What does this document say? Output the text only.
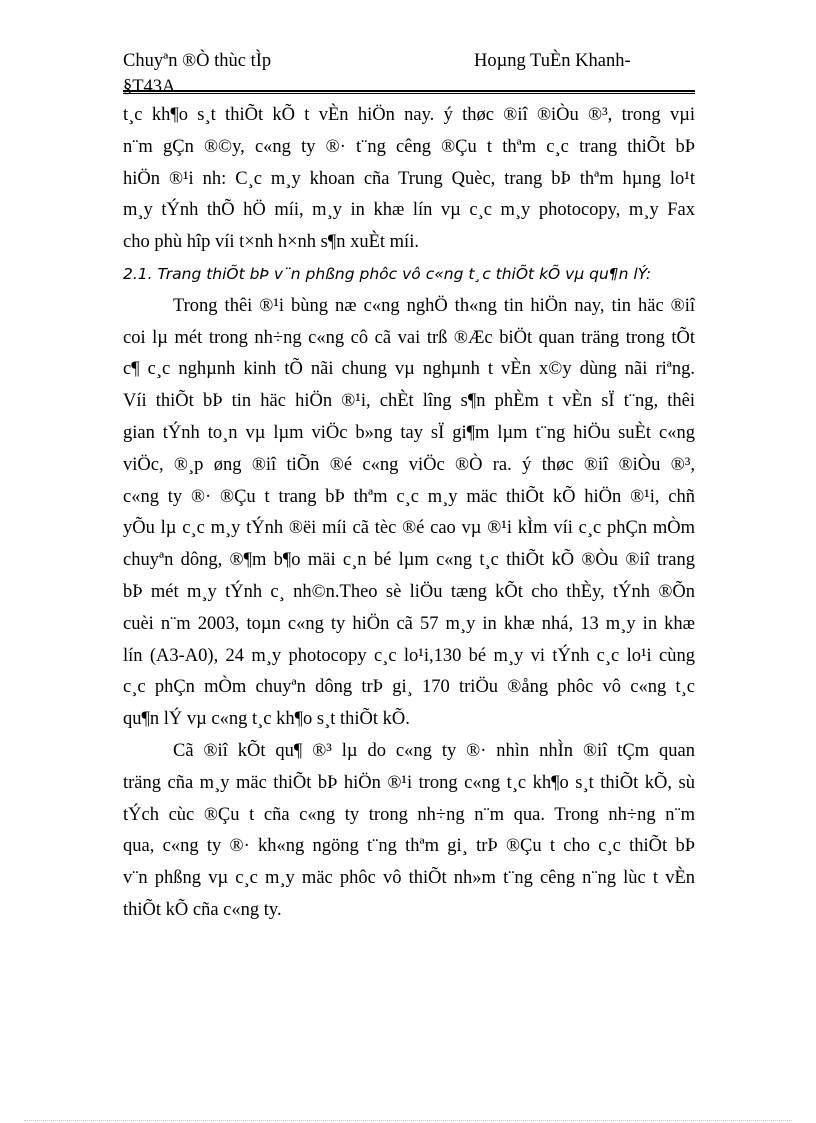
Chuyªn ®Ò thùc tÌp
§T43A
Hoµng TuÈn Khanh-
t¸c kh¶o s¸t thiÕt kÕ t vÈn hiÖn nay. ý thøc ®iî ®iÒu ®³, trong vµi
n¨m gÇn ®©y, c«ng ty ®· t¨ng cêng ®Çu t thªm c¸c trang thiÕt bÞ
hiÖn ®¹i nh: C¸c m¸y khoan cña Trung Quèc, trang bÞ thªm hµng lo¹t
m¸y tÝnh thÕ hÖ míi, m¸y in khæ lín vµ c¸c m¸y photocopy, m¸y Fax
cho phù hîp víi t×nh h×nh s¶n xuÈt míi.
2.1. Trang thiÕt bÞ v¨n phßng phôc vô c«ng t¸c thiÕt kÕ vµ qu¶n lÝ:
Trong thêi ®¹i bùng næ c«ng nghÖ th«ng tin hiÖn nay, tin häc ®iî
coi lµ mét trong nh÷ng c«ng cô cã vai trß ®Æc biÖt quan träng trong tÕt
c¶ c¸c nghµnh kinh tÕ nãi chung vµ nghµnh t vÈn x©y dùng nãi riªng.
Víi thiÕt bÞ tin häc hiÖn ®¹i, chÈt lîng s¶n phÈm t vÈn sÏ t¨ng, thêi
gian tÝnh to¸n vµ lµm viÖc b»ng tay sÏ gi¶m lµm t¨ng hiÖu suÈt c«ng
viÖc, ®¸p øng ®iî tiÕn ®é c«ng viÖc ®Ò ra. ý thøc ®iî ®iÒu ®³,
c«ng ty ®· ®Çu t trang bÞ thªm c¸c m¸y mäc thiÕt kÕ hiÖn ®¹i, chñ
yÕu lµ c¸c m¸y tÝnh ®ëi míi cã tèc ®é cao vµ ®¹i kÌm víi c¸c phÇn mÒm
chuyªn dông, ®¶m b¶o mäi c¸n bé lµm c«ng t¸c thiÕt kÕ ®Òu ®iî trang
bÞ mét m¸y tÝnh c¸ nh©n.Theo sè liÖu tæng kÕt cho thÈy, tÝnh ®Õn
cuèi n¨m 2003, toµn c«ng ty hiÖn cã 57 m¸y in khæ nhá, 13 m¸y in khæ
lín (A3-A0), 24 m¸y photocopy c¸c lo¹i,130 bé m¸y vi tÝnh c¸c lo¹i cùng
c¸c phÇn mÒm chuyªn dông trÞ gi¸ 170 triÖu ®ång phôc vô c«ng t¸c
qu¶n lÝ vµ c«ng t¸c kh¶o s¸t thiÕt kÕ.
Cã ®iî kÕt qu¶ ®³ lµ do c«ng ty ®· nhìn nhÌn ®iî tÇm quan
träng cña m¸y mäc thiÕt bÞ hiÖn ®¹i trong c«ng t¸c kh¶o s¸t thiÕt kÕ, sù
tÝch cùc ®Çu t cña c«ng ty trong nh÷ng n¨m qua. Trong nh÷ng n¨m
qua, c«ng ty ®· kh«ng ngöng t¨ng thªm gi¸ trÞ ®Çu t cho c¸c thiÕt bÞ
v¨n phßng vµ c¸c m¸y mäc phôc vô thiÕt nh»m t¨ng cêng n¨ng lùc t vÈn
thiÕt kÕ cña c«ng ty.
